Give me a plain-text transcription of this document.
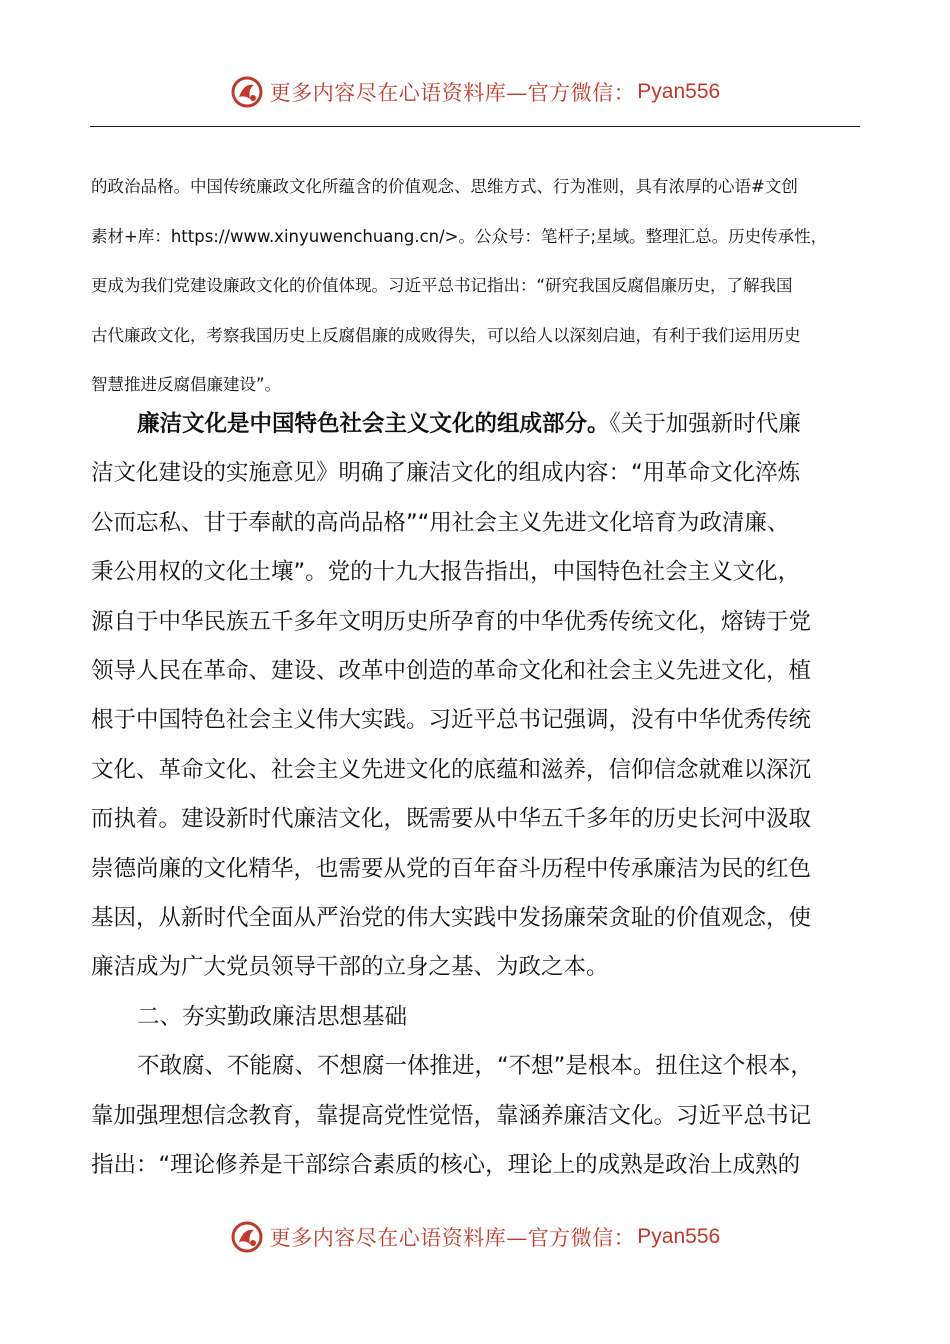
更多内容尽在心语资料库—官方微信： Pyan556
的政治品格。中国传统廉政文化所蕴含的价值观念、思维方式、行为准则，具有浓厚的心语#文创
素材+库：https://www.xinyuwenchuang.cn/>。公众号：笔杆子;星域。整理汇总。历史传承性，
更成为我们党建设廉政文化的价值体现。习近平总书记指出：“研究我国反腐倡廉历史，了解我国
古代廉政文化，考察我国历史上反腐倡廉的成败得失，可以给人以深刻启迪，有利于我们运用历史
智慧推进反腐倡廉建设”。
廉洁文化是中国特色社会主义文化的组成部分。《关于加强新时代廉
洁文化建设的实施意见》明确了廉洁文化的组成内容：“用革命文化淬炼
公而忘私、甘于奉献的高尚品格”“用社会主义先进文化培育为政清廉、
秉公用权的文化土壤”。党的十九大报告指出，中国特色社会主义文化，
源自于中华民族五千多年文明历史所孕育的中华优秀传统文化，熔铸于党
领导人民在革命、建设、改革中创造的革命文化和社会主义先进文化，植
根于中国特色社会主义伟大实践。习近平总书记强调，没有中华优秀传统
文化、革命文化、社会主义先进文化的底蕴和滋养，信仰信念就难以深沉
而执着。建设新时代廉洁文化，既需要从中华五千多年的历史长河中汲取
崇德尚廉的文化精华，也需要从党的百年奋斗历程中传承廉洁为民的红色
基因，从新时代全面从严治党的伟大实践中发扬廉荣贪耻的价值观念，使
廉洁成为广大党员领导干部的立身之基、为政之本。
二、夯实勤政廉洁思想基础
不敢腐、不能腐、不想腐一体推进，“不想”是根本。扭住这个根本，
靠加强理想信念教育，靠提高党性觉悟，靠涵养廉洁文化。习近平总书记
指出：“理论修养是干部综合素质的核心，理论上的成熟是政治上成熟的
更多内容尽在心语资料库—官方微信： Pyan556
